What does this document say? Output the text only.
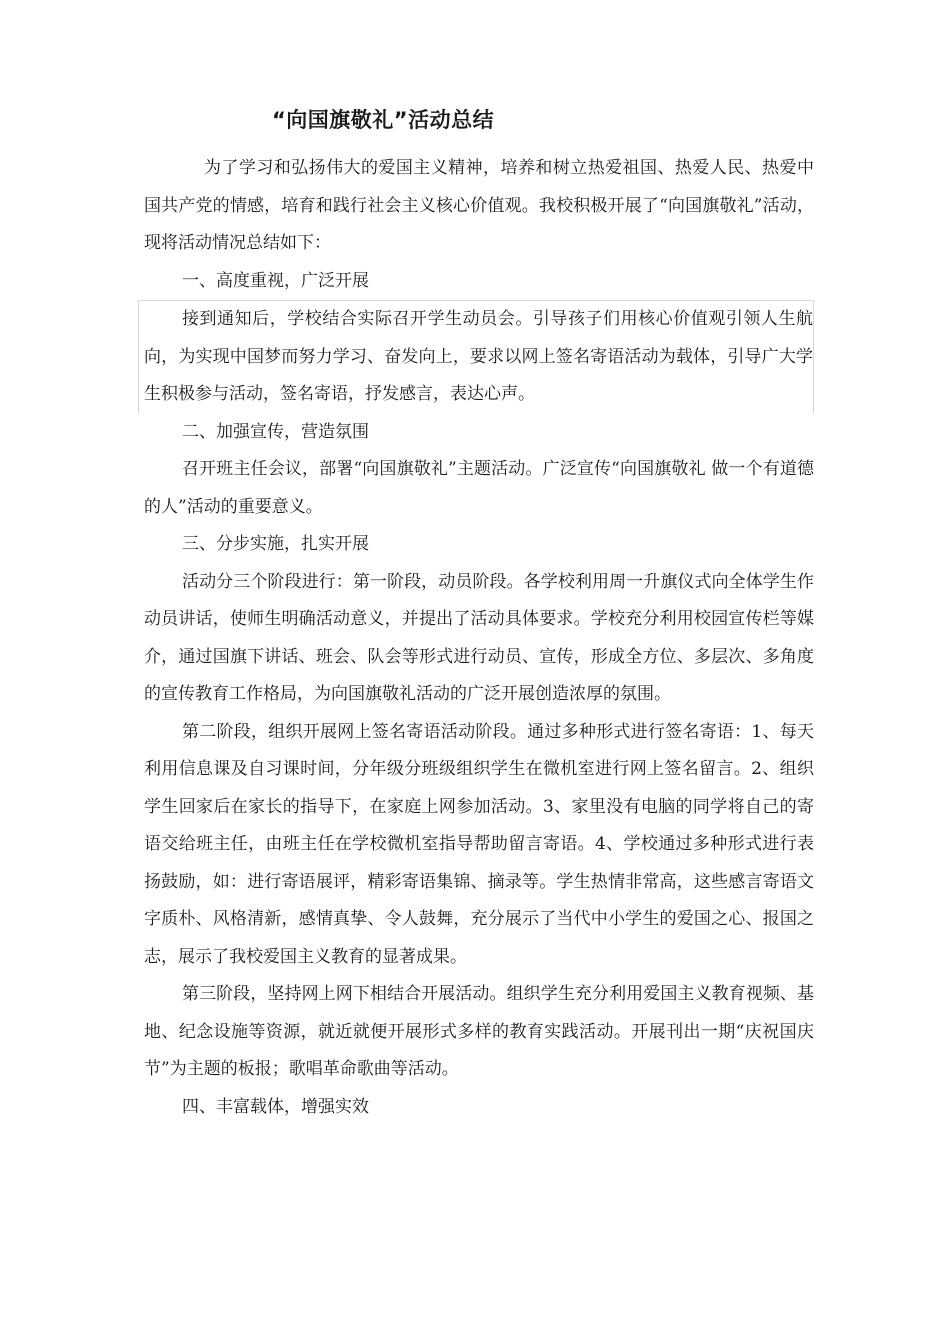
“向国旗敬礼”活动总结

为了学习和弘扬伟大的爱国主义精神，培养和树立热爱祖国、热爱人民、热爱中国共产党的情感，培育和践行社会主义核心价值观。我校积极开展了“向国旗敬礼”活动，现将活动情况总结如下：

一、高度重视，广泛开展

接到通知后，学校结合实际召开学生动员会。引导孩子们用核心价值观引领人生航向，为实现中国梦而努力学习、奋发向上，要求以网上签名寄语活动为载体，引导广大学生积极参与活动，签名寄语，抒发感言，表达心声。

二、加强宣传，营造氛围

召开班主任会议，部署“向国旗敬礼”主题活动。广泛宣传“向国旗敬礼 做一个有道德的人”活动的重要意义。

三、分步实施，扎实开展

活动分三个阶段进行：第一阶段，动员阶段。各学校利用周一升旗仪式向全体学生作动员讲话，使师生明确活动意义，并提出了活动具体要求。学校充分利用校园宣传栏等媒介，通过国旗下讲话、班会、队会等形式进行动员、宣传，形成全方位、多层次、多角度的宣传教育工作格局，为向国旗敬礼活动的广泛开展创造浓厚的氛围。

第二阶段，组织开展网上签名寄语活动阶段。通过多种形式进行签名寄语：1、每天利用信息课及自习课时间，分年级分班级组织学生在微机室进行网上签名留言。2、组织学生回家后在家长的指导下，在家庭上网参加活动。3、家里没有电脑的同学将自己的寄语交给班主任，由班主任在学校微机室指导帮助留言寄语。4、学校通过多种形式进行表扬鼓励，如：进行寄语展评，精彩寄语集锦、摘录等。学生热情非常高，这些感言寄语文字质朴、风格清新，感情真挚、令人鼓舞，充分展示了当代中小学生的爱国之心、报国之志，展示了我校爱国主义教育的显著成果。

第三阶段，坚持网上网下相结合开展活动。组织学生充分利用爱国主义教育视频、基地、纪念设施等资源，就近就便开展形式多样的教育实践活动。开展刊出一期“庆祝国庆节”为主题的板报；歌唱革命歌曲等活动。

四、丰富载体，增强实效
